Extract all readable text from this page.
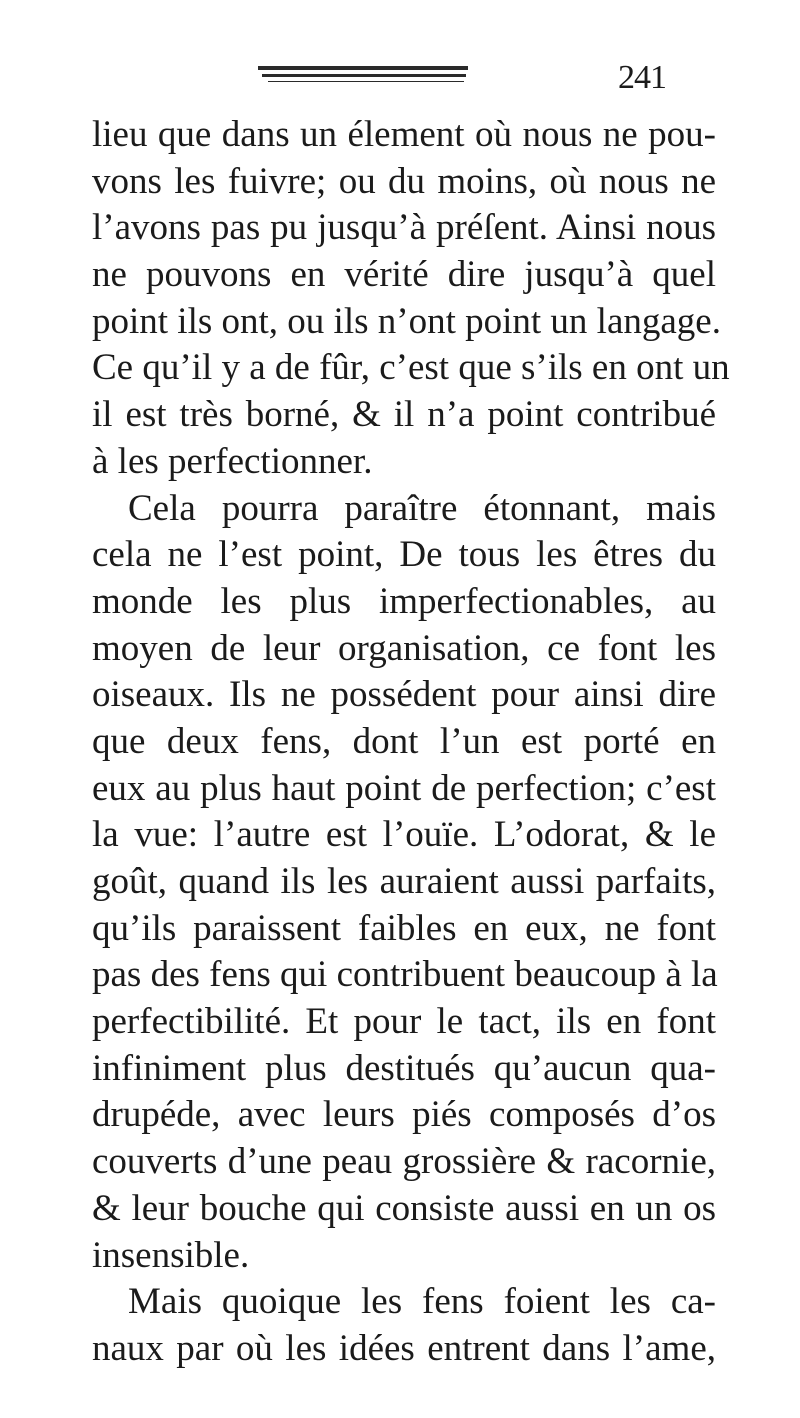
241
lieu que dans un élement où nous ne pou-
vons les fuivre; ou du moins, où nous ne
l’avons pas pu jusqu’à préſent. Ainsi nous
ne pouvons en vérité dire jusqu’à quel
point ils ont, ou ils n’ont point un langage.
Ce qu’il y a de fûr, c’est que s’ils en ont un
il est très borné, & il n’a point contribué
à les perfectionner.
Cela pourra paraître étonnant, mais
cela ne l’est point, De tous les êtres du
monde les plus imperfectionables, au
moyen de leur organisation, ce font les
oiseaux. Ils ne possédent pour ainsi dire
que deux fens, dont l’un est porté en
eux au plus haut point de perfection; c’est
la vue: l’autre est l’ouïe. L’odorat, & le
goût, quand ils les auraient aussi parfaits,
qu’ils paraissent faibles en eux, ne font
pas des fens qui contribuent beaucoup à la
perfectibilité. Et pour le tact, ils en font
infiniment plus destitués qu’aucun qua-
drupéde, avec leurs piés composés d’os
couverts d’une peau grossière & racornie,
& leur bouche qui consiste aussi en un os
insensible.
Mais quoique les fens foient les ca-
naux par où les idées entrent dans l’ame,
